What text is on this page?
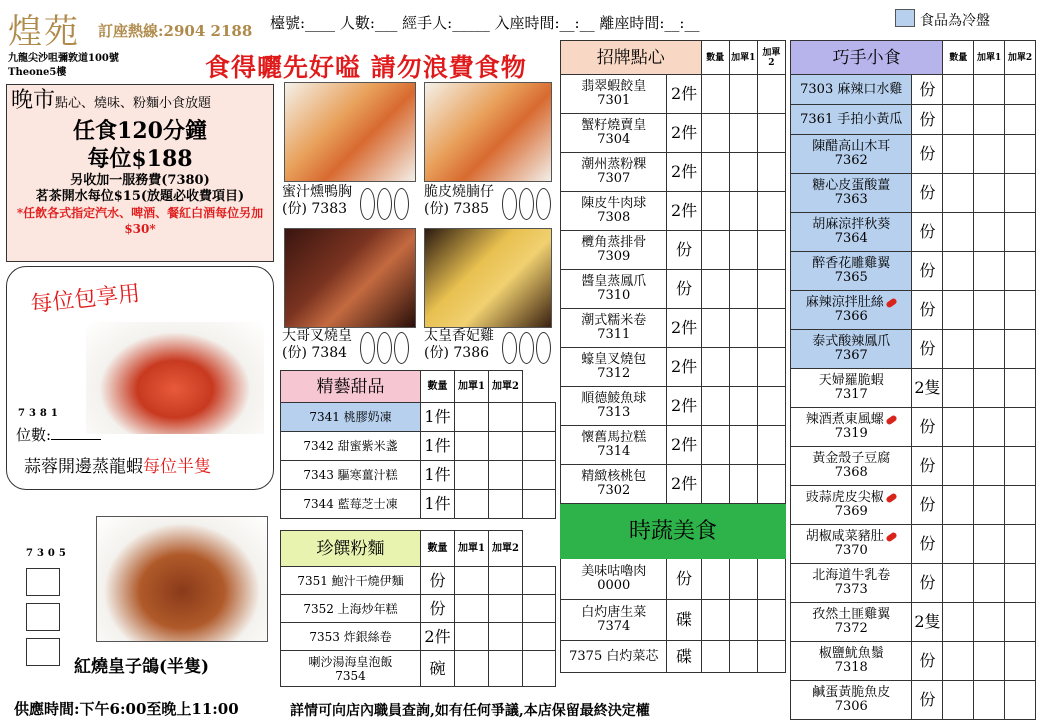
煌苑 訂座熱線:2904 2188
九龍尖沙咀彌敦道100號
Theone5樓
檯號:____ 人數:___ 經手人:_____ 入座時間:__:__ 離座時間:__:__	食品為冷盤
食得曬先好嗌 請勿浪費食物
晚市點心、燒味、粉麵小食放題
任食120分鐘
每位$188
另收加一服務費(7380)
茗茶開水每位$15(放題必收費項目)
*任飲各式指定汽水、啤酒、餐紅白酒每位另加$30*
每位包享用
7381
位數:
蒜蓉開邊蒸龍蝦每位半隻
7305
紅燒皇子鴿(半隻)
蜜汁燻鴨胸
(份) 7383
脆皮燒腩仔
(份) 7385
大哥叉燒皇
(份) 7384
太皇香妃雞
(份) 7386
精藝甜品	數量	加單1	加單2	
7341 桃膠奶凍	1件			
7342 甜蜜紫米盞	1件			
7343 驅寒薑汁糕	1件			
7344 藍莓芝士凍	1件			
珍饌粉麵	數量	加單1	加單2	

7351 鮑汁干燒伊麵	份			

7352 上海炒年糕	份			

7353 炸銀絲卷	2件			

喇沙湯海皇泡飯
7354	碗			
招牌點心		數量	加單1	加單
2

翡翠蝦餃皇
7301	2件			

蟹籽燒賣皇
7304	2件			

潮州蒸粉粿
7307	2件			

陳皮牛肉球
7308	2件			

欖角蒸排骨
7309	份			

醬皇蒸鳳爪
7310	份			

潮式糯米卷
7311	2件			

蠔皇叉燒包
7312	2件			

順德鯪魚球
7313	2件			

懷舊馬拉糕
7314	2件			

精緻核桃包
7302	2件			
時蔬美食				

美味咕嚕肉
0000	份			

白灼唐生菜
7374	碟			

7375 白灼菜芯	碟			
巧手小食		數量	加單1	加單2

7303 麻辣口水雞	份			

7361 手拍小黃瓜	份			

陳醋高山木耳
7362	份			

糖心皮蛋酸薑
7363	份			

胡麻涼拌秋葵
7364	份			

醉香花雕雞翼
7365	份			

麻辣涼拌肚絲
7366	份			

泰式酸辣鳳爪
7367	份			

天婦羅脆蝦
7317	2隻			

辣酒煮東風螺
7319	份			

黃金殼子豆腐
7368	份			

豉蒜虎皮尖椒
7369	份			

胡椒咸菜豬肚
7370	份			

北海道牛乳卷
7373	份			

孜然土匪雞翼
7372	2隻			

椒鹽魷魚鬚
7318	份			

鹹蛋黃脆魚皮
7306	份			
供應時間:下午6:00至晚上11:00	詳情可向店內職員查詢,如有任何爭議,本店保留最終決定權
